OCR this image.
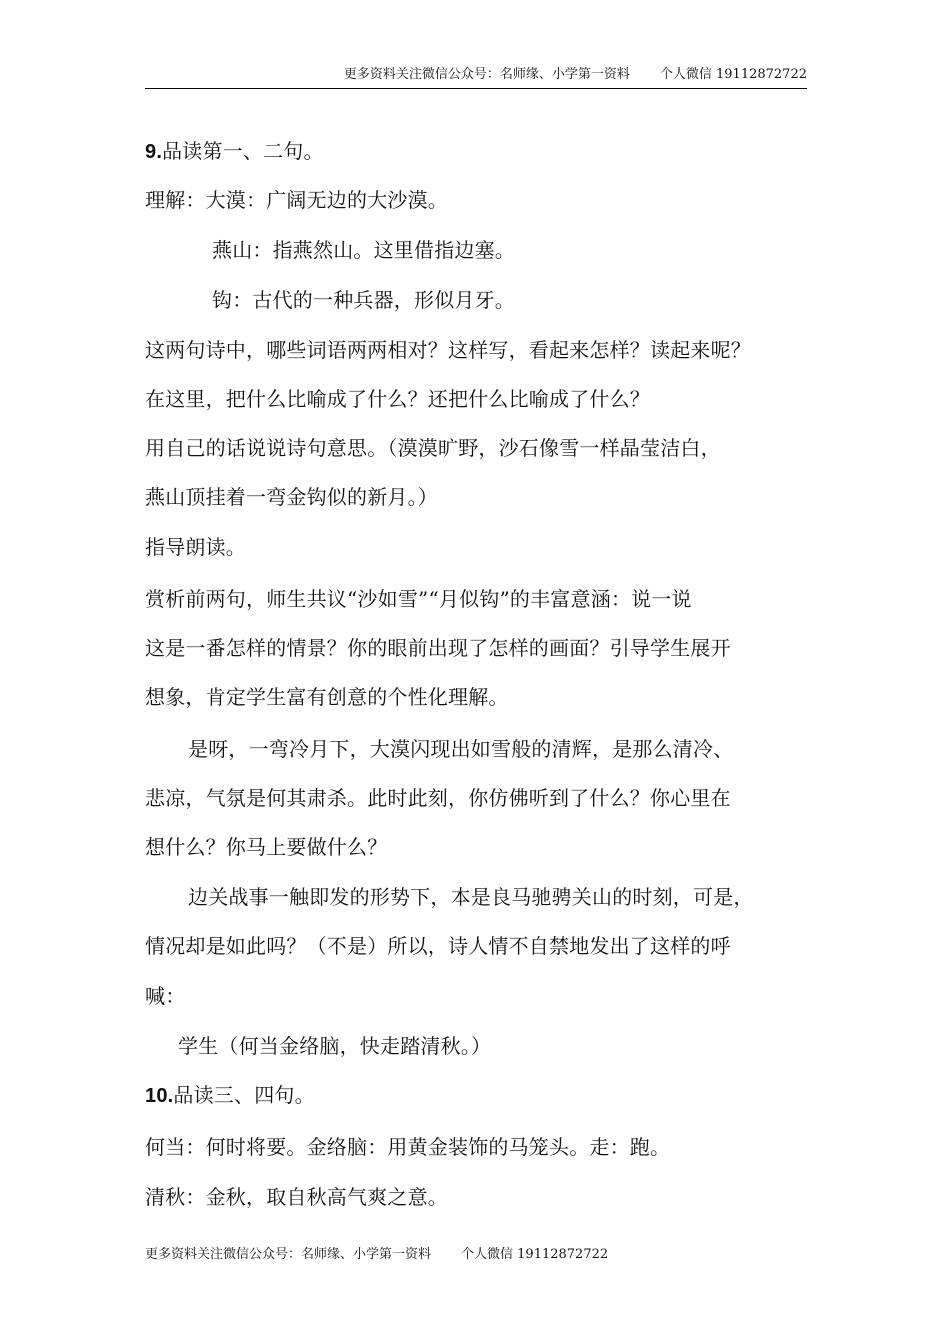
更多资料关注微信公众号：名师缘、小学第一资料 个人微信 19112872722
9.品读第一、二句。
理解：大漠：广阔无边的大沙漠。
燕山：指燕然山。这里借指边塞。
钩：古代的一种兵器，形似月牙。
这两句诗中，哪些词语两两相对？这样写，看起来怎样？读起来呢？
在这里，把什么比喻成了什么？还把什么比喻成了什么？
用自己的话说说诗句意思。（漠漠旷野，沙石像雪一样晶莹洁白，
燕山顶挂着一弯金钩似的新月。）
指导朗读。
赏析前两句，师生共议“沙如雪”“月似钩”的丰富意涵：说一说
这是一番怎样的情景？你的眼前出现了怎样的画面？引导学生展开
想象，肯定学生富有创意的个性化理解。
是呀，一弯冷月下，大漠闪现出如雪般的清辉，是那么清冷、
悲凉，气氛是何其肃杀。此时此刻，你仿佛听到了什么？你心里在
想什么？你马上要做什么？
边关战事一触即发的形势下，本是良马驰骋关山的时刻，可是，
情况却是如此吗？（不是）所以，诗人情不自禁地发出了这样的呼
喊：
学生（何当金络脑，快走踏清秋。）
10.品读三、四句。
何当：何时将要。金络脑：用黄金装饰的马笼头。走：跑。
清秋：金秋，取自秋高气爽之意。
更多资料关注微信公众号：名师缘、小学第一资料 个人微信 19112872722
